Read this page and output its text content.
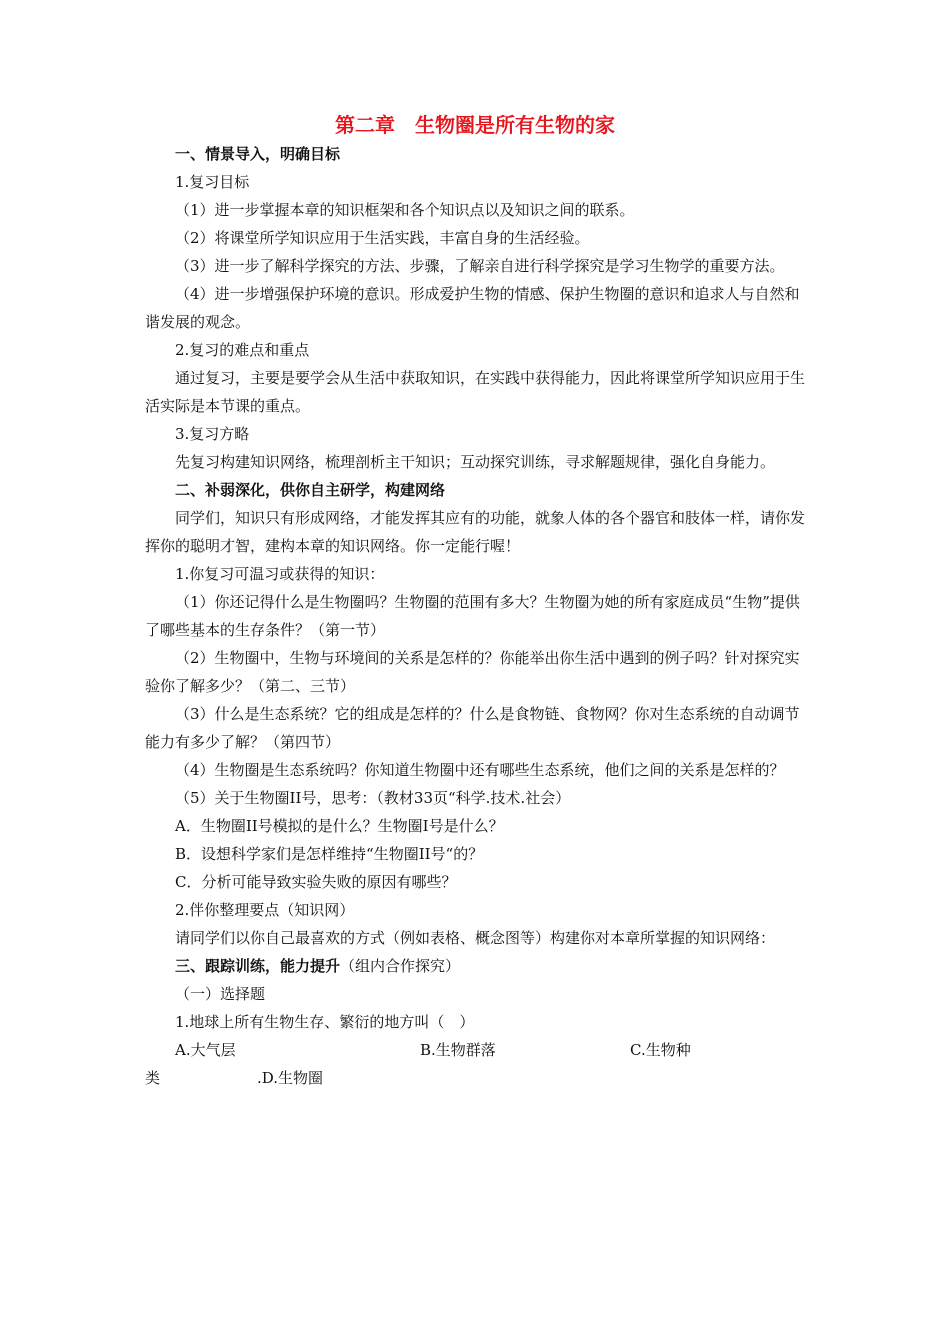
第二章　生物圈是所有生物的家

一、情景导入，明确目标

1.复习目标

（1）进一步掌握本章的知识框架和各个知识点以及知识之间的联系。

（2）将课堂所学知识应用于生活实践，丰富自身的生活经验。

（3）进一步了解科学探究的方法、步骤，了解亲自进行科学探究是学习生物学的重要方法。

（4）进一步增强保护环境的意识。形成爱护生物的情感、保护生物圈的意识和追求人与自然和谐发展的观念。

2.复习的难点和重点

通过复习，主要是要学会从生活中获取知识，在实践中获得能力，因此将课堂所学知识应用于生活实际是本节课的重点。

3.复习方略

先复习构建知识网络，梳理剖析主干知识；互动探究训练，寻求解题规律，强化自身能力。

二、补弱深化，供你自主研学，构建网络

同学们，知识只有形成网络，才能发挥其应有的功能，就象人体的各个器官和肢体一样，请你发挥你的聪明才智，建构本章的知识网络。你一定能行喔！

1.你复习可温习或获得的知识：

（1）你还记得什么是生物圈吗？生物圈的范围有多大？生物圈为她的所有家庭成员“生物”提供了哪些基本的生存条件？（第一节）

（2）生物圈中，生物与环境间的关系是怎样的？你能举出你生活中遇到的例子吗？针对探究实验你了解多少？（第二、三节）

（3）什么是生态系统？它的组成是怎样的？什么是食物链、食物网？你对生态系统的自动调节能力有多少了解？（第四节）

（4）生物圈是生态系统吗？你知道生物圈中还有哪些生态系统，他们之间的关系是怎样的？

（5）关于生物圈II号，思考：（教材33页“科学.技术.社会）

A．生物圈II号模拟的是什么？生物圈I号是什么？

B．设想科学家们是怎样维持“生物圈II号“的？

C．分析可能导致实验失败的原因有哪些？

2.伴你整理要点（知识网）

请同学们以你自己最喜欢的方式（例如表格、概念图等）构建你对本章所掌握的知识网络：

三、跟踪训练，能力提升（组内合作探究）

（一）选择题

1.地球上所有生物生存、繁衍的地方叫（　）

A.大气层	B.生物群落	C.生物种
类	.D.生物圈
